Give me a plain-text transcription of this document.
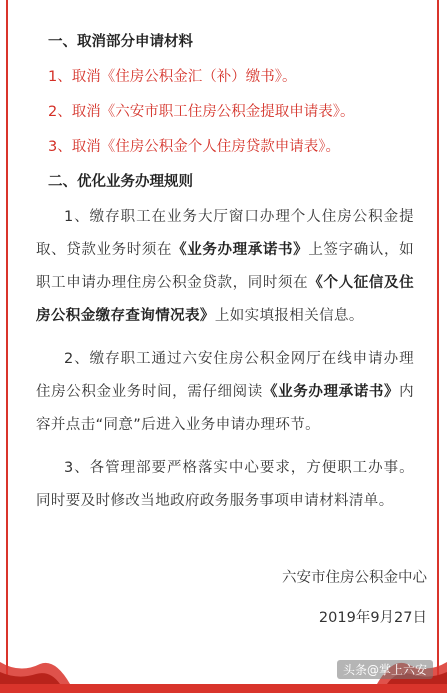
一、取消部分申请材料

1、取消《住房公积金汇（补）缴书》。

2、取消《六安市职工住房公积金提取申请表》。

3、取消《住房公积金个人住房贷款申请表》。

二、优化业务办理规则

1、缴存职工在业务大厅窗口办理个人住房公积金提取、贷款业务时须在《业务办理承诺书》上签字确认，如职工申请办理住房公积金贷款，同时须在《个人征信及住房公积金缴存查询情况表》上如实填报相关信息。

2、缴存职工通过六安住房公积金网厅在线申请办理住房公积金业务时间，需仔细阅读《业务办理承诺书》内容并点击“同意”后进入业务申请办理环节。

3、各管理部要严格落实中心要求，方便职工办事。同时要及时修改当地政府政务服务事项申请材料清单。

六安市住房公积金中心
2019年9月27日
头条@掌上六安
